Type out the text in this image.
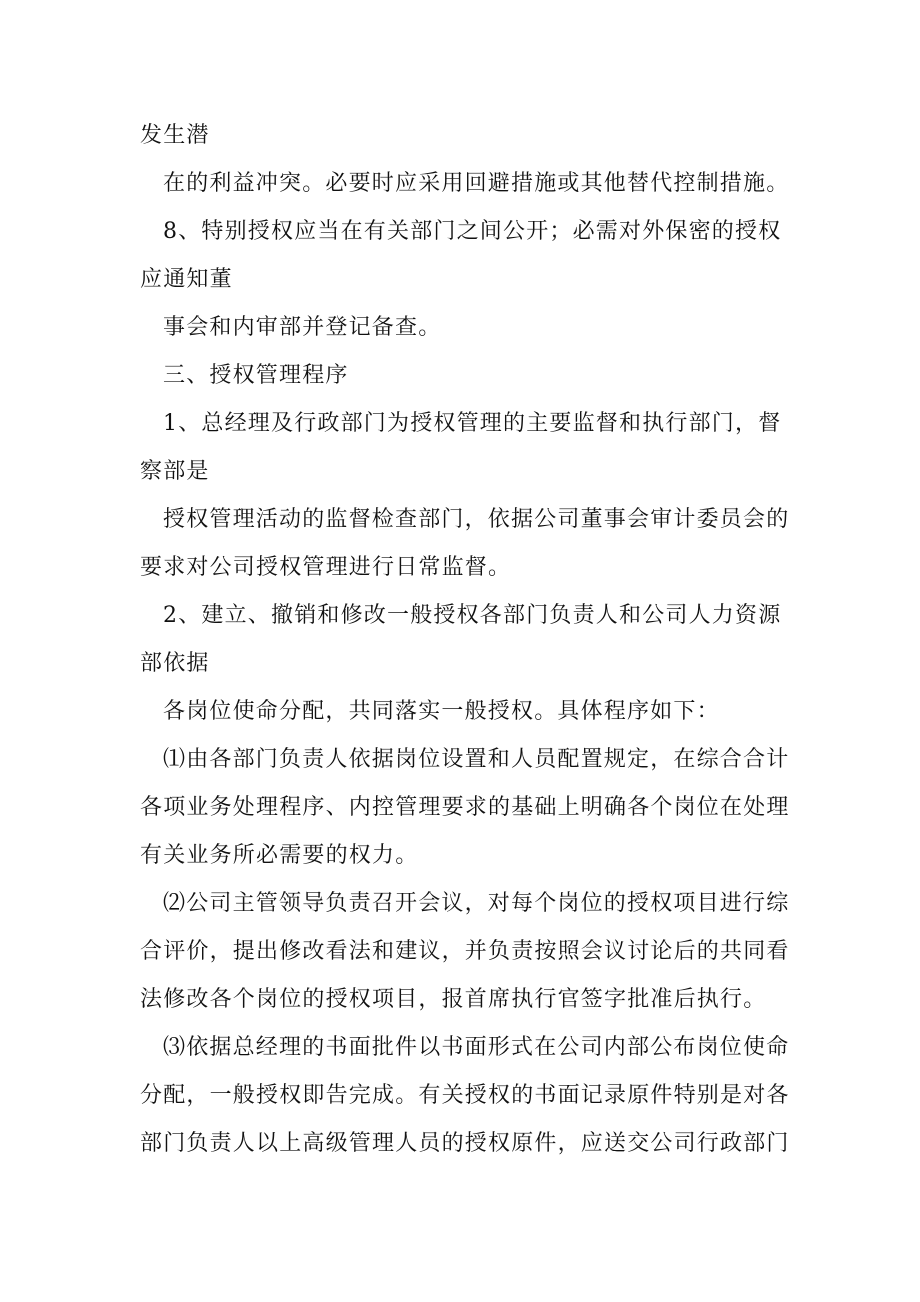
发生潜
在的利益冲突。必要时应采用回避措施或其他替代控制措施。
8、特别授权应当在有关部门之间公开；必需对外保密的授权
应通知董
事会和内审部并登记备查。
三、授权管理程序
1、总经理及行政部门为授权管理的主要监督和执行部门，督
察部是
授权管理活动的监督检查部门，依据公司董事会审计委员会的
要求对公司授权管理进行日常监督。
2、建立、撤销和修改一般授权各部门负责人和公司人力资源
部依据
各岗位使命分配，共同落实一般授权。具体程序如下：
⑴由各部门负责人依据岗位设置和人员配置规定，在综合合计
各项业务处理程序、内控管理要求的基础上明确各个岗位在处理
有关业务所必需要的权力。
⑵公司主管领导负责召开会议，对每个岗位的授权项目进行综
合评价，提出修改看法和建议，并负责按照会议讨论后的共同看
法修改各个岗位的授权项目，报首席执行官签字批准后执行。
⑶依据总经理的书面批件以书面形式在公司内部公布岗位使命
分配，一般授权即告完成。有关授权的书面记录原件特别是对各
部门负责人以上高级管理人员的授权原件，应送交公司行政部门
